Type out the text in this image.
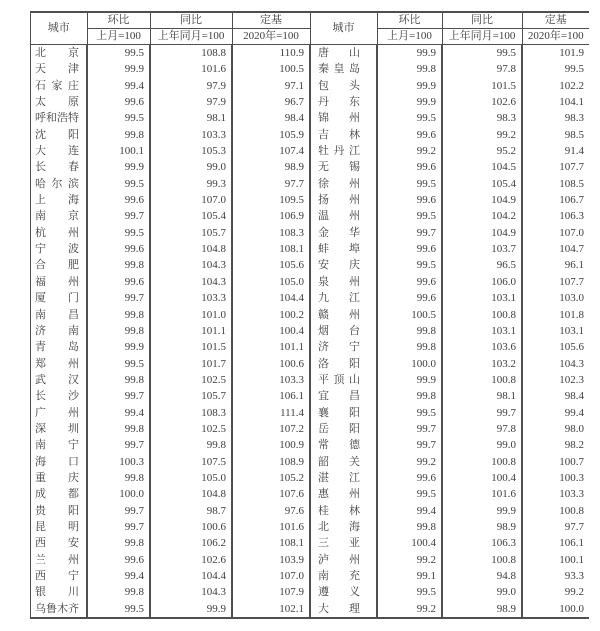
城市	环比	同比	定基	城市	环比	同比	定基
	上月=100	上年同月=100	2020年=100		上月=100	上年同月=100	2020年=100
北京	99.5	108.8	110.9	唐山	99.9	99.5	101.9
天津	99.9	101.6	100.5	秦皇岛	99.8	97.8	99.5
石家庄	99.4	97.9	97.1	包头	99.9	101.5	102.2
太原	99.6	97.9	96.7	丹东	99.9	102.6	104.1
呼和浩特	99.5	98.1	98.4	锦州	99.5	98.3	98.3
沈阳	99.8	103.3	105.9	吉林	99.6	99.2	98.5
大连	100.1	105.3	107.4	牡丹江	99.2	95.2	91.4
长春	99.9	99.0	98.9	无锡	99.6	104.5	107.7
哈尔滨	99.5	99.3	97.7	徐州	99.5	105.4	108.5
上海	99.6	107.0	109.5	扬州	99.6	104.9	106.7
南京	99.7	105.4	106.9	温州	99.5	104.2	106.3
杭州	99.5	105.7	108.3	金华	99.7	104.9	107.0
宁波	99.6	104.8	108.1	蚌埠	99.6	103.7	104.7
合肥	99.8	104.3	105.6	安庆	99.5	96.5	96.1
福州	99.6	104.3	105.0	泉州	99.6	106.0	107.7
厦门	99.7	103.3	104.4	九江	99.6	103.1	103.0
南昌	99.8	101.0	100.2	赣州	100.5	100.8	101.8
济南	99.8	101.1	100.4	烟台	99.8	103.1	103.1
青岛	99.9	101.5	101.1	济宁	99.8	103.6	105.6
郑州	99.5	101.7	100.6	洛阳	100.0	103.2	104.3
武汉	99.8	102.5	103.3	平顶山	99.9	100.8	102.3
长沙	99.7	105.7	106.1	宜昌	99.8	98.1	98.4
广州	99.4	108.3	111.4	襄阳	99.5	99.7	99.4
深圳	99.8	102.5	107.2	岳阳	99.7	97.8	98.0
南宁	99.7	99.8	100.9	常德	99.7	99.0	98.2
海口	100.3	107.5	108.9	韶关	99.2	100.8	100.7
重庆	99.8	105.0	105.2	湛江	99.6	100.4	100.3
成都	100.0	104.8	107.6	惠州	99.5	101.6	103.3
贵阳	99.7	98.7	97.6	桂林	99.4	99.9	100.8
昆明	99.7	100.6	101.6	北海	99.8	98.9	97.7
西安	99.8	106.2	108.1	三亚	100.4	106.3	106.1
兰州	99.6	102.6	103.9	泸州	99.2	100.8	100.1
西宁	99.4	104.4	107.0	南充	99.1	94.8	93.3
银川	99.8	104.3	107.9	遵义	99.5	99.0	99.2
乌鲁木齐	99.5	99.9	102.1	大理	99.2	98.9	100.0
